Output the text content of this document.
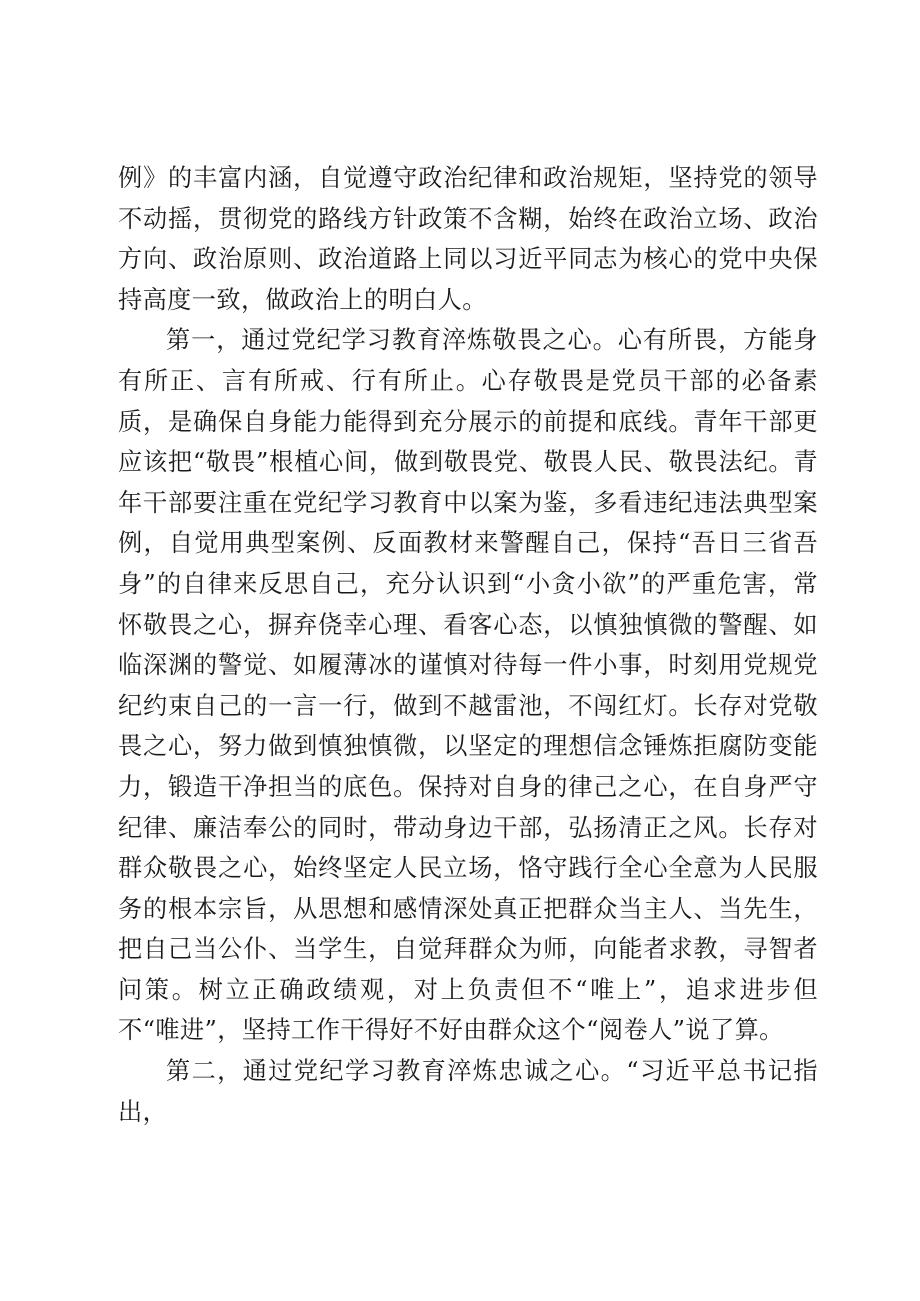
例》的丰富内涵，自觉遵守政治纪律和政治规矩，坚持党的领导不动摇，贯彻党的路线方针政策不含糊，始终在政治立场、政治方向、政治原则、政治道路上同以习近平同志为核心的党中央保持高度一致，做政治上的明白人。

第一，通过党纪学习教育淬炼敬畏之心。心有所畏，方能身有所正、言有所戒、行有所止。心存敬畏是党员干部的必备素质，是确保自身能力能得到充分展示的前提和底线。青年干部更应该把“敬畏”根植心间，做到敬畏党、敬畏人民、敬畏法纪。青年干部要注重在党纪学习教育中以案为鉴，多看违纪违法典型案例，自觉用典型案例、反面教材来警醒自己，保持“吾日三省吾身”的自律来反思自己，充分认识到“小贪小欲”的严重危害，常怀敬畏之心，摒弃侥幸心理、看客心态，以慎独慎微的警醒、如临深渊的警觉、如履薄冰的谨慎对待每一件小事，时刻用党规党纪约束自己的一言一行，做到不越雷池，不闯红灯。长存对党敬畏之心，努力做到慎独慎微，以坚定的理想信念锤炼拒腐防变能力，锻造干净担当的底色。保持对自身的律己之心，在自身严守纪律、廉洁奉公的同时，带动身边干部，弘扬清正之风。长存对群众敬畏之心，始终坚定人民立场，恪守践行全心全意为人民服务的根本宗旨，从思想和感情深处真正把群众当主人、当先生，把自己当公仆、当学生，自觉拜群众为师，向能者求教，寻智者问策。树立正确政绩观，对上负责但不“唯上”，追求进步但不“唯进”，坚持工作干得好不好由群众这个“阅卷人”说了算。

第二，通过党纪学习教育淬炼忠诚之心。“习近平总书记指出，
